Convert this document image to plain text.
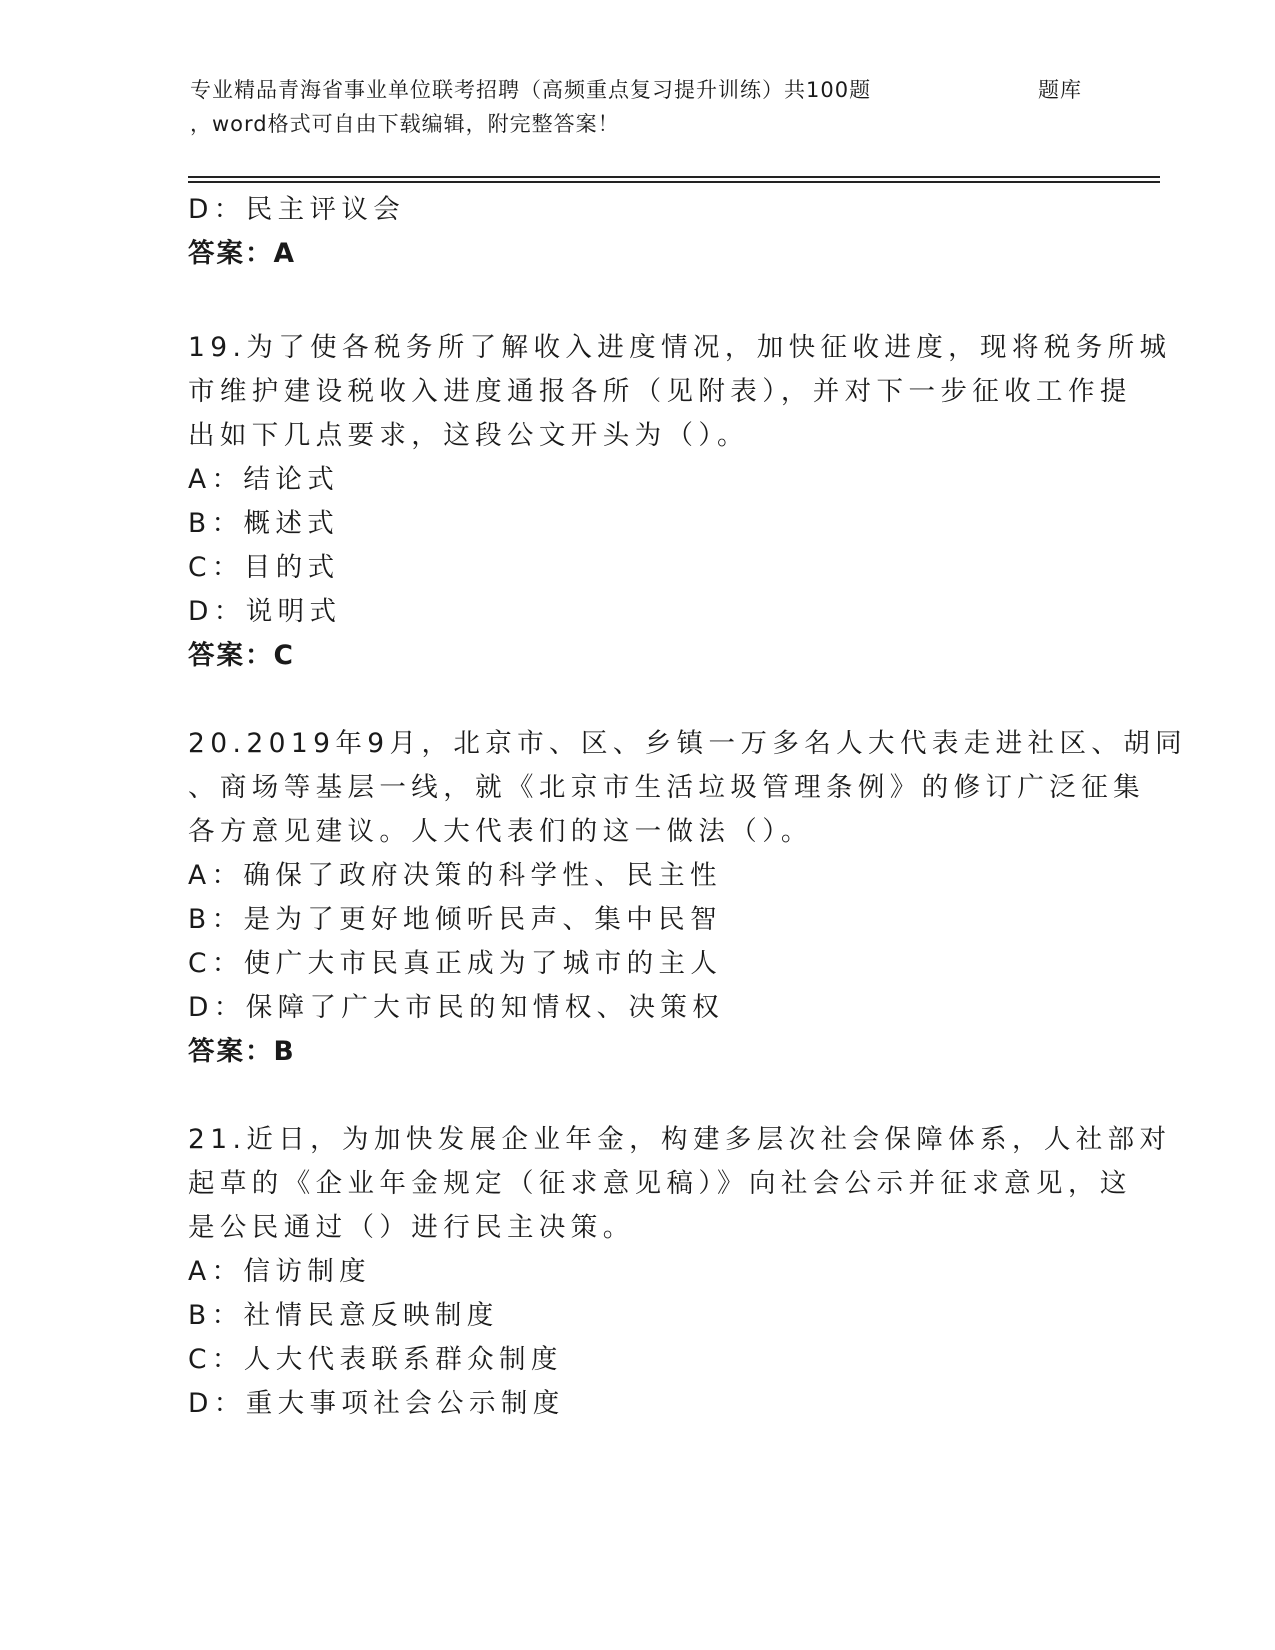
专业精品青海省事业单位联考招聘（高频重点复习提升训练）共100题	题库
，word格式可自由下载编辑，附完整答案！
D：民主评议会
答案：A
19.为了使各税务所了解收入进度情况，加快征收进度，现将税务所城
市维护建设税收入进度通报各所（见附表），并对下一步征收工作提
出如下几点要求，这段公文开头为（）。
A：结论式
B：概述式
C：目的式
D：说明式
答案：C
20.2019年9月，北京市、区、乡镇一万多名人大代表走进社区、胡同
、商场等基层一线，就《北京市生活垃圾管理条例》的修订广泛征集
各方意见建议。人大代表们的这一做法（）。
A：确保了政府决策的科学性、民主性
B：是为了更好地倾听民声、集中民智
C：使广大市民真正成为了城市的主人
D：保障了广大市民的知情权、决策权
答案：B
21.近日，为加快发展企业年金，构建多层次社会保障体系，人社部对
起草的《企业年金规定（征求意见稿）》向社会公示并征求意见，这
是公民通过（）进行民主决策。
A：信访制度
B：社情民意反映制度
C：人大代表联系群众制度
D：重大事项社会公示制度
